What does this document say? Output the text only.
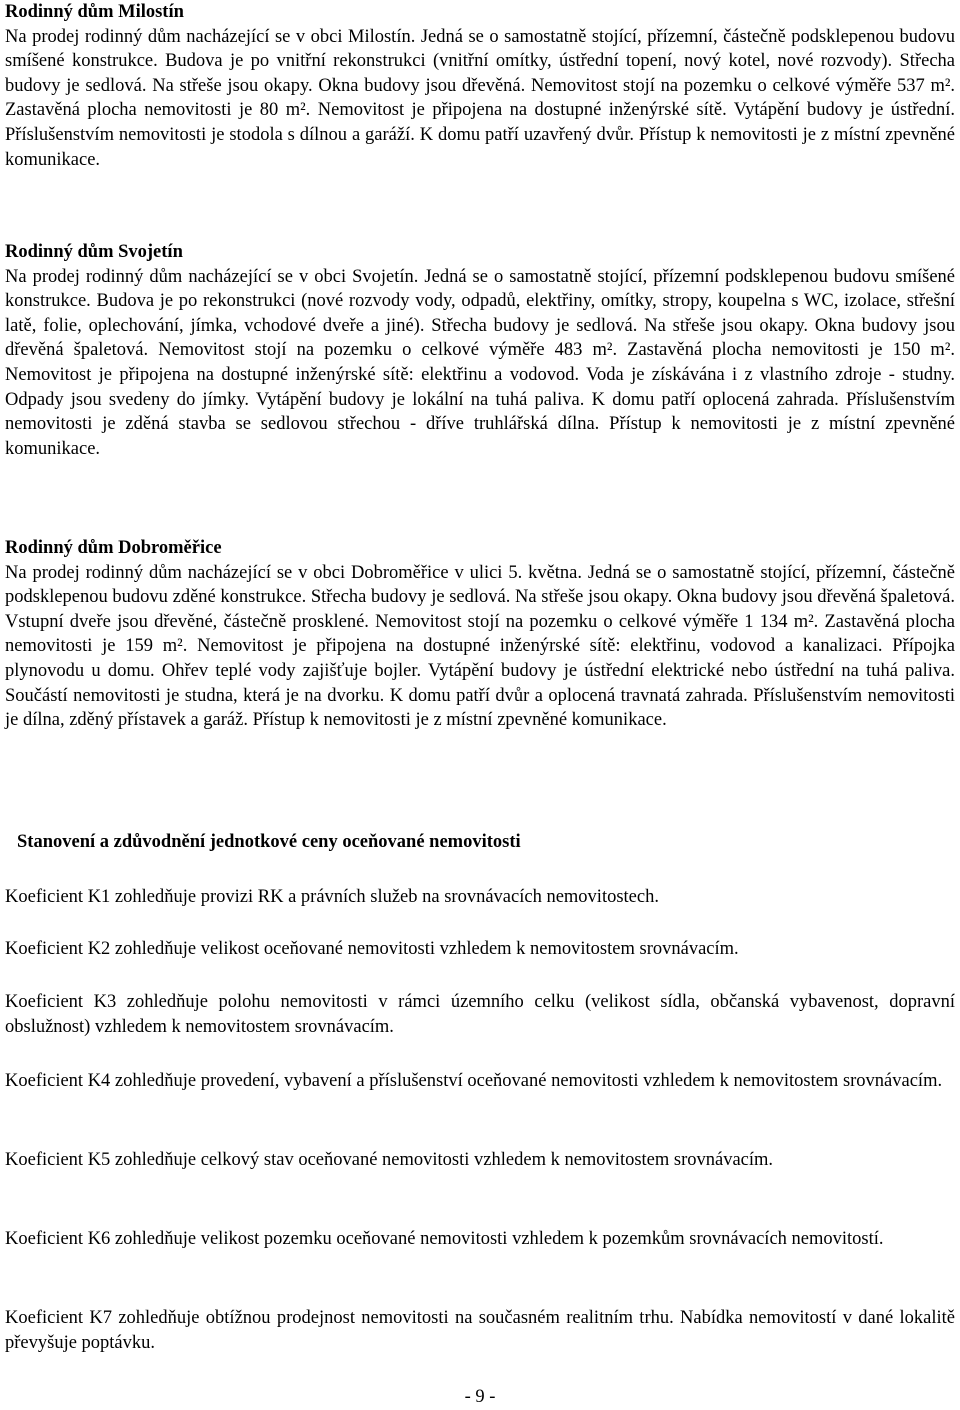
Rodinný dům Milostín
Na prodej rodinný dům nacházející se v obci Milostín. Jedná se o samostatně stojící, přízemní, částečně podsklepenou budovu smíšené konstrukce. Budova je po vnitřní rekonstrukci (vnitřní omítky, ústřední topení, nový kotel, nové rozvody). Střecha budovy je sedlová. Na střeše jsou okapy. Okna budovy jsou dřevěná. Nemovitost stojí na pozemku o celkové výměře 537 m². Zastavěná plocha nemovitosti je 80 m². Nemovitost je připojena na dostupné inženýrské sítě. Vytápění budovy je ústřední. Příslušenstvím nemovitosti je stodola s dílnou a garáží. K domu patří uzavřený dvůr. Přístup k nemovitosti je z místní zpevněné komunikace.
Rodinný dům Svojetín
Na prodej rodinný dům nacházející se v obci Svojetín. Jedná se o samostatně stojící, přízemní podsklepenou budovu smíšené konstrukce. Budova je po rekonstrukci (nové rozvody vody, odpadů, elektřiny, omítky, stropy, koupelna s WC, izolace, střešní latě, folie, oplechování, jímka, vchodové dveře a jiné). Střecha budovy je sedlová. Na střeše jsou okapy. Okna budovy jsou dřevěná špaletová. Nemovitost stojí na pozemku o celkové výměře 483 m². Zastavěná plocha nemovitosti je 150 m². Nemovitost je připojena na dostupné inženýrské sítě: elektřinu a vodovod. Voda je získávána i z vlastního zdroje - studny. Odpady jsou svedeny do jímky. Vytápění budovy je lokální na tuhá paliva. K domu patří oplocená zahrada. Příslušenstvím nemovitosti je zděná stavba se sedlovou střechou - dříve truhlářská dílna. Přístup k nemovitosti je z místní zpevněné komunikace.
Rodinný dům Dobroměřice
Na prodej rodinný dům nacházející se v obci Dobroměřice v ulici 5. května. Jedná se o samostatně stojící, přízemní, částečně podsklepenou budovu zděné konstrukce. Střecha budovy je sedlová. Na střeše jsou okapy. Okna budovy jsou dřevěná špaletová. Vstupní dveře jsou dřevěné, částečně prosklené. Nemovitost stojí na pozemku o celkové výměře 1 134 m². Zastavěná plocha nemovitosti je 159 m². Nemovitost je připojena na dostupné inženýrské sítě: elektřinu, vodovod a kanalizaci. Přípojka plynovodu u domu. Ohřev teplé vody zajišťuje bojler. Vytápění budovy je ústřední elektrické nebo ústřední na tuhá paliva. Součástí nemovitosti je studna, která je na dvorku. K domu patří dvůr a oplocená travnatá zahrada. Příslušenstvím nemovitosti je dílna, zděný přístavek a garáž. Přístup k nemovitosti je z místní zpevněné komunikace.

Stanovení a zdůvodnění jednotkové ceny oceňované nemovitosti

Koeficient K1 zohledňuje provizi RK a právních služeb na srovnávacích nemovitostech.

Koeficient K2 zohledňuje velikost oceňované nemovitosti vzhledem k nemovitostem srovnávacím.

Koeficient K3 zohledňuje polohu nemovitosti v rámci územního celku (velikost sídla, občanská vybavenost, dopravní obslužnost) vzhledem k nemovitostem srovnávacím.

Koeficient K4 zohledňuje provedení, vybavení a příslušenství oceňované nemovitosti vzhledem k nemovitostem srovnávacím.

Koeficient K5 zohledňuje celkový stav oceňované nemovitosti vzhledem k nemovitostem srovnávacím.

Koeficient K6 zohledňuje velikost pozemku oceňované nemovitosti vzhledem k pozemkům srovnávacích nemovitostí.

Koeficient K7 zohledňuje obtížnou prodejnost nemovitosti na současném realitním trhu. Nabídka nemovitostí v dané lokalitě převyšuje poptávku.

- 9 -
